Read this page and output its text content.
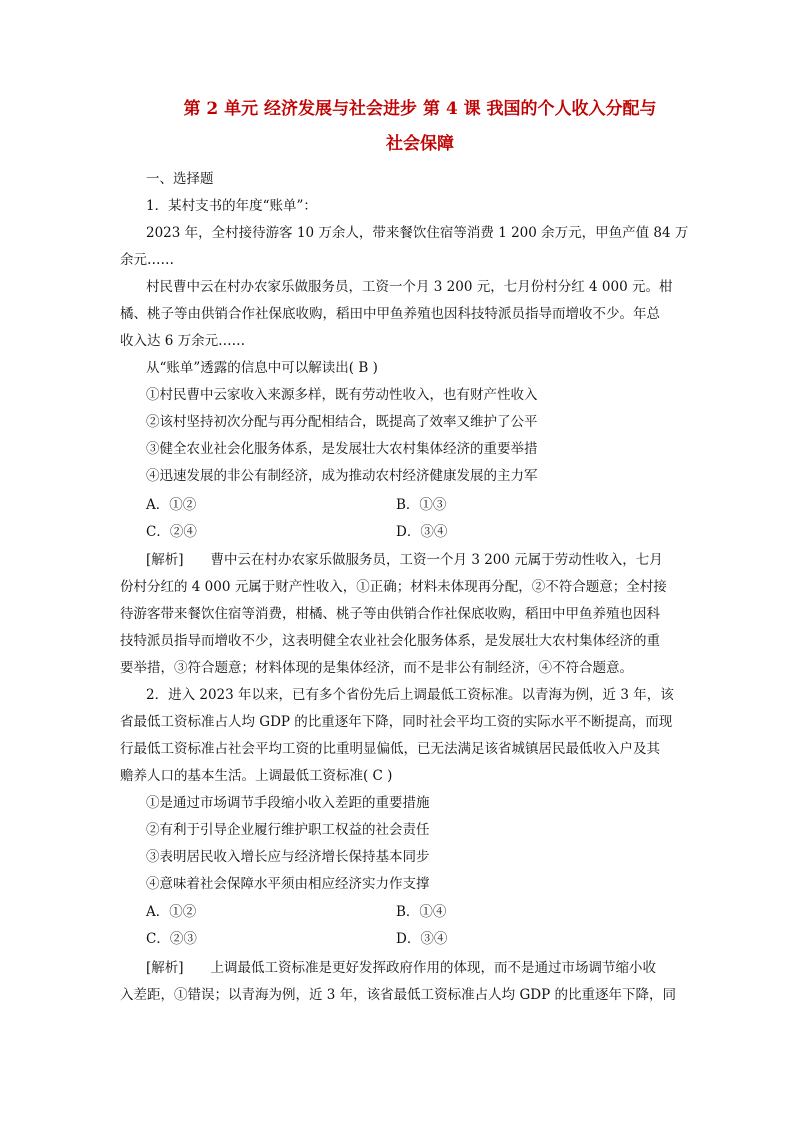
第 2 单元 经济发展与社会进步 第 4 课 我国的个人收入分配与
社会保障
一、选择题
1．某村支书的年度“账单”：
2023 年，全村接待游客 10 万余人，带来餐饮住宿等消费 1 200 余万元，甲鱼产值 84 万
余元……
村民曹中云在村办农家乐做服务员，工资一个月 3 200 元，七月份村分红 4 000 元。柑
橘、桃子等由供销合作社保底收购，稻田中甲鱼养殖也因科技特派员指导而增收不少。年总
收入达 6 万余元……
从“账单”透露的信息中可以解读出( B )
①村民曹中云家收入来源多样，既有劳动性收入，也有财产性收入
②该村坚持初次分配与再分配相结合，既提高了效率又维护了公平
③健全农业社会化服务体系，是发展壮大农村集体经济的重要举措
④迅速发展的非公有制经济，成为推动农村经济健康发展的主力军
A．①②	B．①③
C．②④	D．③④
[解析]　　曹中云在村办农家乐做服务员，工资一个月 3 200 元属于劳动性收入，七月
份村分红的 4 000 元属于财产性收入，①正确；材料未体现再分配，②不符合题意；全村接
待游客带来餐饮住宿等消费，柑橘、桃子等由供销合作社保底收购，稻田中甲鱼养殖也因科
技特派员指导而增收不少，这表明健全农业社会化服务体系，是发展壮大农村集体经济的重
要举措，③符合题意；材料体现的是集体经济，而不是非公有制经济，④不符合题意。
2．进入 2023 年以来，已有多个省份先后上调最低工资标准。以青海为例，近 3 年，该
省最低工资标准占人均 GDP 的比重逐年下降，同时社会平均工资的实际水平不断提高，而现
行最低工资标准占社会平均工资的比重明显偏低，已无法满足该省城镇居民最低收入户及其
赡养人口的基本生活。上调最低工资标准( C )
①是通过市场调节手段缩小收入差距的重要措施
②有利于引导企业履行维护职工权益的社会责任
③表明居民收入增长应与经济增长保持基本同步
④意味着社会保障水平须由相应经济实力作支撑
A．①②	B．①④
C．②③	D．③④
[解析]　　上调最低工资标准是更好发挥政府作用的体现，而不是通过市场调节缩小收
入差距，①错误；以青海为例，近 3 年，该省最低工资标准占人均 GDP 的比重逐年下降，同
